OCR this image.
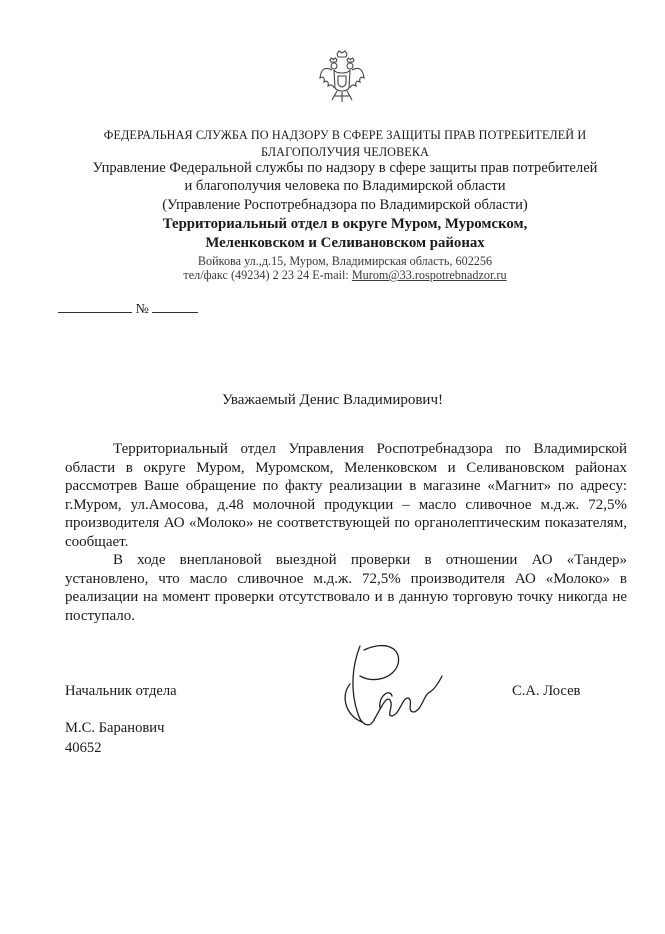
ФЕДЕРАЛЬНАЯ СЛУЖБА ПО НАДЗОРУ В СФЕРЕ ЗАЩИТЫ ПРАВ ПОТРЕБИТЕЛЕЙ И
БЛАГОПОЛУЧИЯ ЧЕЛОВЕКА
Управление Федеральной службы по надзору в сфере защиты прав потребителей
и благополучия человека по Владимирской области
(Управление Роспотребнадзора по Владимирской области)
Территориальный отдел в округе Муром, Муромском,
Меленковском и Селивановском районах
Войкова ул.,д.15, Муром, Владимирская область, 602256
тел/факс (49234) 2 23 24 E-mail: Murom@33.rospotrebnadzor.ru
№
Уважаемый Денис Владимирович!

Территориальный отдел Управления Роспотребнадзора по Владимирской области в округе Муром, Муромском, Меленковском и Селивановском районах рассмотрев Ваше обращение по факту реализации в магазине «Магнит» по адресу: г.Муром, ул.Амосова, д.48 молочной продукции – масло сливочное м.д.ж. 72,5% производителя АО «Молоко» не соответствующей по органолептическим показателям, сообщает.

В ходе внеплановой выездной проверки в отношении АО «Тандер» установлено, что масло сливочное м.д.ж. 72,5% производителя АО «Молоко» в реализации на момент проверки отсутствовало и в данную торговую точку никогда не поступало.

Начальник отдела	С.А. Лосев
М.С. Баранович
40652
